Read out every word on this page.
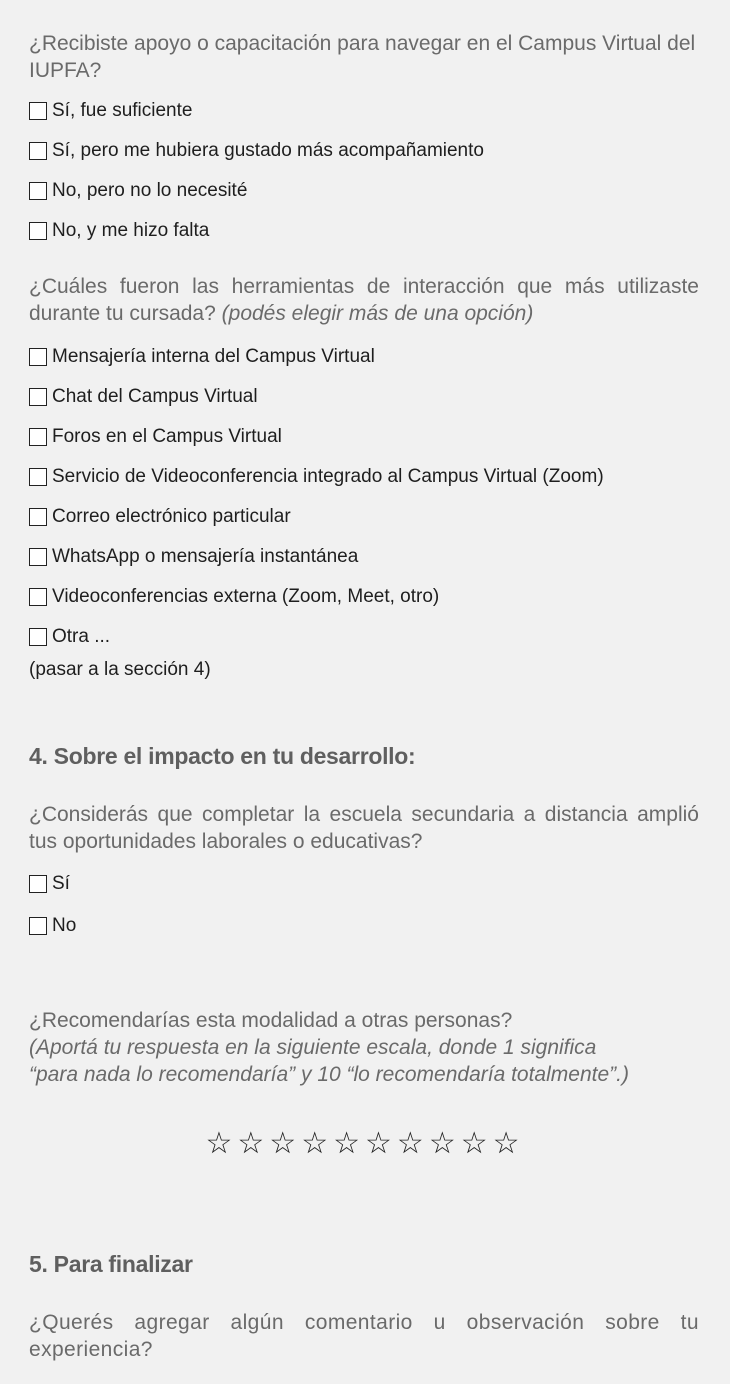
¿Recibiste apoyo o capacitación para navegar en el Campus Virtual del IUPFA?

Sí, fue suficiente
Sí, pero me hubiera gustado más acompañamiento
No, pero no lo necesité
No, y me hizo falta

¿Cuáles fueron las herramientas de interacción que más utilizaste durante tu cursada? (podés elegir más de una opción)

Mensajería interna del Campus Virtual
Chat del Campus Virtual
Foros en el Campus Virtual
Servicio de Videoconferencia integrado al Campus Virtual (Zoom)
Correo electrónico particular
WhatsApp o mensajería instantánea
Videoconferencias externa (Zoom, Meet, otro)
Otra ...
(pasar a la sección 4)
4. Sobre el impacto en tu desarrollo:

¿Considerás que completar la escuela secundaria a distancia amplió tus oportunidades laborales o educativas?

Sí
No
¿Recomendarías esta modalidad a otras personas?
(Aportá tu respuesta en la siguiente escala, donde 1 significa
“para nada lo recomendaría” y 10 “lo recomendaría totalmente”.)
☆☆☆☆☆☆☆☆☆☆
5. Para finalizar

¿Querés agregar algún comentario u observación sobre tu experiencia?
